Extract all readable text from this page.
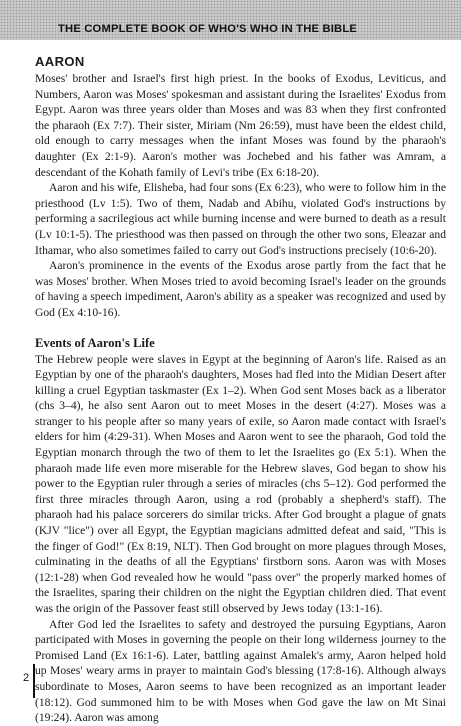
THE COMPLETE BOOK OF WHO'S WHO IN THE BIBLE
AARON

Moses' brother and Israel's first high priest. In the books of Exodus, Leviticus, and Numbers, Aaron was Moses' spokesman and assistant during the Israelites' Exodus from Egypt. Aaron was three years older than Moses and was 83 when they first confronted the pharaoh (Ex 7:7). Their sister, Miriam (Nm 26:59), must have been the eldest child, old enough to carry messages when the infant Moses was found by the pharaoh's daughter (Ex 2:1-9). Aaron's mother was Jochebed and his father was Amram, a descendant of the Kohath family of Levi's tribe (Ex 6:18-20).

Aaron and his wife, Elisheba, had four sons (Ex 6:23), who were to follow him in the priesthood (Lv 1:5). Two of them, Nadab and Abihu, violated God's instructions by performing a sacrilegious act while burning incense and were burned to death as a result (Lv 10:1-5). The priesthood was then passed on through the other two sons, Eleazar and Ithamar, who also sometimes failed to carry out God's instructions precisely (10:6-20).

Aaron's prominence in the events of the Exodus arose partly from the fact that he was Moses' brother. When Moses tried to avoid becoming Israel's leader on the grounds of having a speech impediment, Aaron's ability as a speaker was recognized and used by God (Ex 4:10-16).

Events of Aaron's Life

The Hebrew people were slaves in Egypt at the beginning of Aaron's life. Raised as an Egyptian by one of the pharaoh's daughters, Moses had fled into the Midian Desert after killing a cruel Egyptian taskmaster (Ex 1–2). When God sent Moses back as a liberator (chs 3–4), he also sent Aaron out to meet Moses in the desert (4:27). Moses was a stranger to his people after so many years of exile, so Aaron made contact with Israel's elders for him (4:29-31). When Moses and Aaron went to see the pharaoh, God told the Egyptian monarch through the two of them to let the Israelites go (Ex 5:1). When the pharaoh made life even more miserable for the Hebrew slaves, God began to show his power to the Egyptian ruler through a series of miracles (chs 5–12). God performed the first three miracles through Aaron, using a rod (probably a shepherd's staff). The pharaoh had his palace sorcerers do similar tricks. After God brought a plague of gnats (KJV "lice") over all Egypt, the Egyptian magicians admitted defeat and said, "This is the finger of God!" (Ex 8:19, NLT). Then God brought on more plagues through Moses, culminating in the deaths of all the Egyptians' firstborn sons. Aaron was with Moses (12:1-28) when God revealed how he would "pass over" the properly marked homes of the Israelites, sparing their children on the night the Egyptian children died. That event was the origin of the Passover feast still observed by Jews today (13:1-16).

After God led the Israelites to safety and destroyed the pursuing Egyptians, Aaron participated with Moses in governing the people on their long wilderness journey to the Promised Land (Ex 16:1-6). Later, battling against Amalek's army, Aaron helped hold up Moses' weary arms in prayer to maintain God's blessing (17:8-16). Although always subordinate to Moses, Aaron seems to have been recognized as an important leader (18:12). God summoned him to be with Moses when God gave the law on Mt Sinai (19:24). Aaron was among

2
